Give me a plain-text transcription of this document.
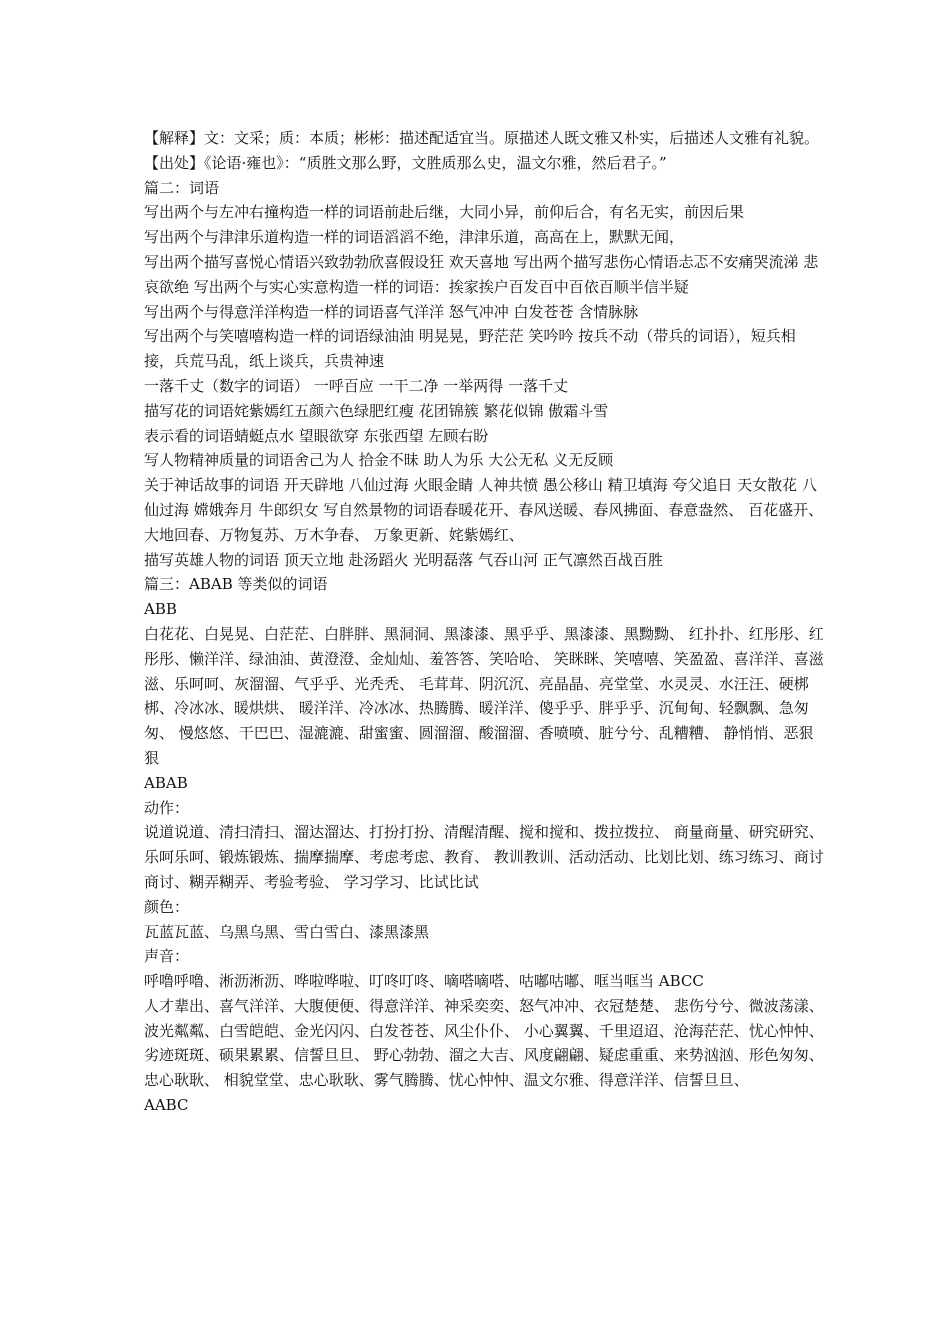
【解释】文：文采；质：本质；彬彬：描述配适宜当。原描述人既文雅又朴实，后描述人文雅有礼貌。

【出处】《论语·雍也》：“质胜文那么野，文胜质那么史，温文尔雅，然后君子。”

篇二：词语

写出两个与左冲右撞构造一样的词语前赴后继，大同小异，前仰后合，有名无实，前因后果

写出两个与津津乐道构造一样的词语滔滔不绝，津津乐道，高高在上，默默无闻，

写出两个描写喜悦心情语兴致勃勃欣喜假设狂 欢天喜地 写出两个描写悲伤心情语忐忑不安痛哭流涕 悲哀欲绝 写出两个与实心实意构造一样的词语：挨家挨户百发百中百依百顺半信半疑

写出两个与得意洋洋构造一样的词语喜气洋洋 怒气冲冲 白发苍苍 含情脉脉

写出两个与笑嘻嘻构造一样的词语绿油油 明晃晃，野茫茫 笑吟吟 按兵不动（带兵的词语），短兵相接，兵荒马乱，纸上谈兵，兵贵神速

一落千丈（数字的词语） 一呼百应 一干二净 一举两得 一落千丈

描写花的词语姹紫嫣红五颜六色绿肥红瘦 花团锦簇 繁花似锦 傲霜斗雪

表示看的词语蜻蜓点水 望眼欲穿 东张西望 左顾右盼

写人物精神质量的词语舍己为人 拾金不昧 助人为乐 大公无私 义无反顾

关于神话故事的词语 开天辟地 八仙过海 火眼金睛 人神共愤 愚公移山 精卫填海 夸父追日 天女散花 八仙过海 嫦娥奔月 牛郎织女 写自然景物的词语春暖花开、春风送暖、春风拂面、春意盎然、 百花盛开、大地回春、万物复苏、万木争春、 万象更新、姹紫嫣红、

描写英雄人物的词语 顶天立地 赴汤蹈火 光明磊落 气吞山河 正气凛然百战百胜

篇三：ABAB 等类似的词语

ABB

白花花、白晃晃、白茫茫、白胖胖、黑洞洞、黑漆漆、黑乎乎、黑漆漆、黑黝黝、 红扑扑、红彤彤、红彤彤、懒洋洋、绿油油、黄澄澄、金灿灿、羞答答、笑哈哈、 笑眯眯、笑嘻嘻、笑盈盈、喜洋洋、喜滋滋、乐呵呵、灰溜溜、气乎乎、光秃秃、 毛茸茸、阴沉沉、亮晶晶、亮堂堂、水灵灵、水汪汪、硬梆梆、冷冰冰、暖烘烘、 暖洋洋、冷冰冰、热腾腾、暖洋洋、傻乎乎、胖乎乎、沉甸甸、轻飘飘、急匆匆、 慢悠悠、干巴巴、湿漉漉、甜蜜蜜、圆溜溜、酸溜溜、香喷喷、脏兮兮、乱糟糟、 静悄悄、恶狠狠

ABAB

动作：

说道说道、清扫清扫、溜达溜达、打扮打扮、清醒清醒、搅和搅和、拨拉拨拉、 商量商量、研究研究、乐呵乐呵、锻炼锻炼、揣摩揣摩、考虑考虑、教育、 教训教训、活动活动、比划比划、练习练习、商讨商讨、糊弄糊弄、考验考验、 学习学习、比试比试

颜色：

瓦蓝瓦蓝、乌黑乌黑、雪白雪白、漆黑漆黑

声音：

呼噜呼噜、淅沥淅沥、哗啦哗啦、叮咚叮咚、嘀嗒嘀嗒、咕嘟咕嘟、哐当哐当 ABCC

人才辈出、喜气洋洋、大腹便便、得意洋洋、神采奕奕、怒气冲冲、衣冠楚楚、 悲伤兮兮、微波荡漾、波光粼粼、白雪皑皑、金光闪闪、白发苍苍、风尘仆仆、 小心翼翼、千里迢迢、沧海茫茫、忧心忡忡、劣迹斑斑、硕果累累、信誓旦旦、 野心勃勃、溜之大吉、风度翩翩、疑虑重重、来势汹汹、形色匆匆、忠心耿耿、 相貌堂堂、忠心耿耿、雾气腾腾、忧心忡忡、温文尔雅、得意洋洋、信誓旦旦、

AABC
